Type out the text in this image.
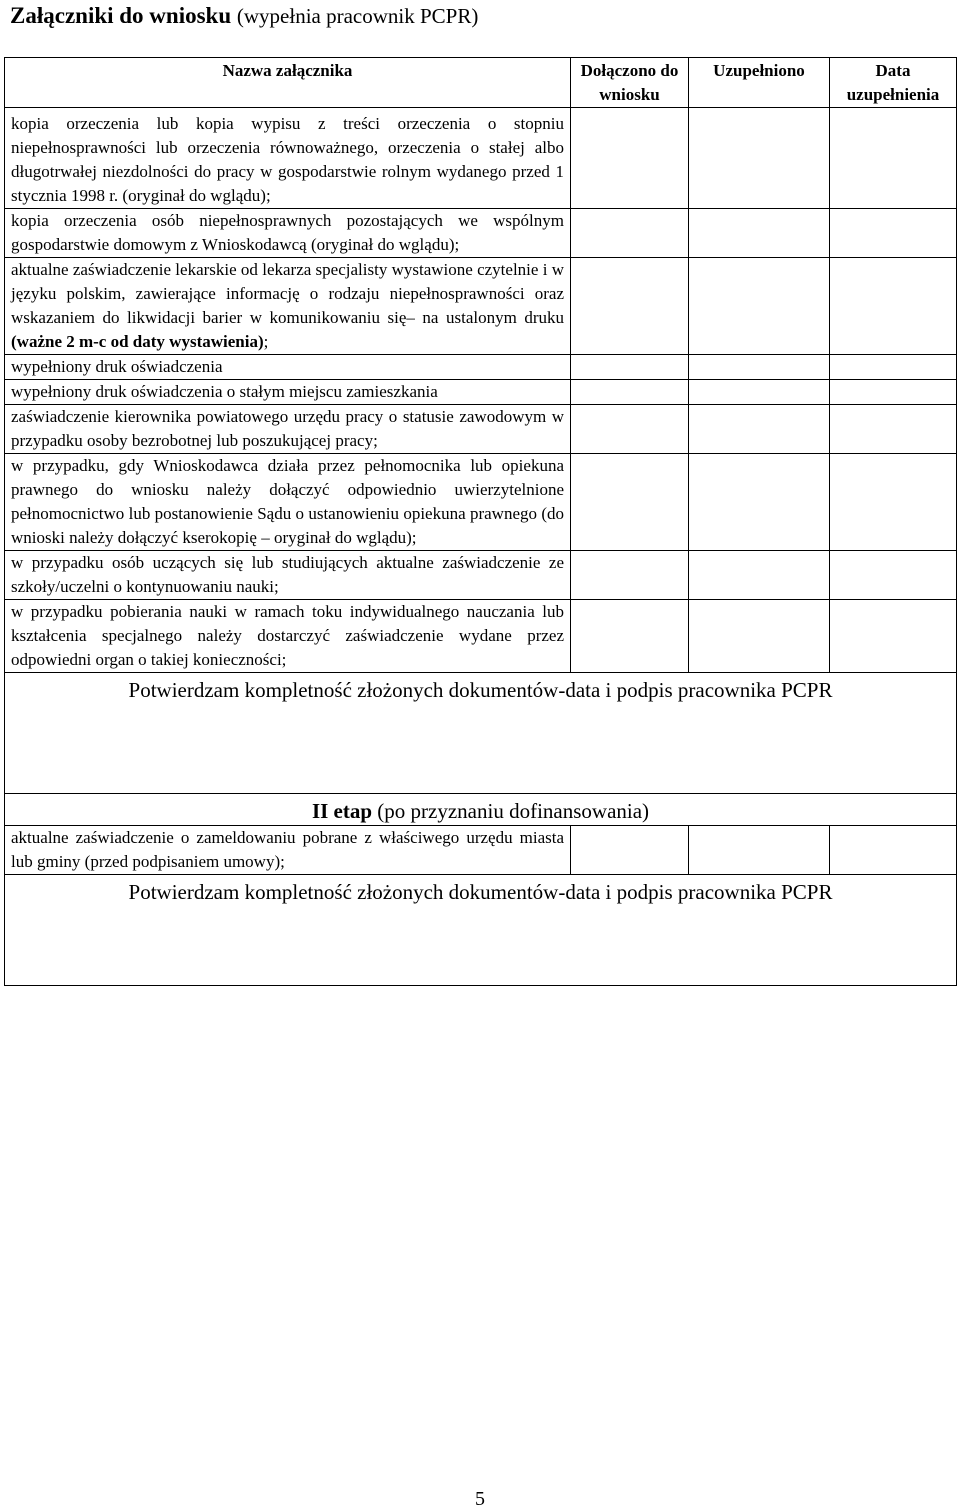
Załączniki do wniosku (wypełnia pracownik PCPR)
Nazwa załącznika	Dołączono do wniosku	Uzupełniono	Data uzupełnienia
kopia orzeczenia lub kopia wypisu z treści orzeczenia o stopniu niepełnosprawności lub orzeczenia równoważnego, orzeczenia o stałej albo długotrwałej niezdolności do pracy w gospodarstwie rolnym wydanego przed 1 stycznia 1998 r. (oryginał do wglądu);			
kopia orzeczenia osób niepełnosprawnych pozostających we wspólnym gospodarstwie domowym z Wnioskodawcą (oryginał do wglądu);			
aktualne zaświadczenie lekarskie od lekarza specjalisty wystawione czytelnie i w języku polskim, zawierające informację o rodzaju niepełnosprawności oraz wskazaniem do likwidacji barier w komunikowaniu się– na ustalonym druku (ważne 2 m-c od daty wystawienia);			
wypełniony druk oświadczenia			
wypełniony druk oświadczenia o stałym miejscu zamieszkania			
zaświadczenie kierownika powiatowego urzędu pracy o statusie zawodowym w przypadku osoby bezrobotnej lub poszukującej pracy;			
w przypadku, gdy Wnioskodawca działa przez pełnomocnika lub opiekuna prawnego do wniosku należy dołączyć odpowiednio uwierzytelnione pełnomocnictwo lub postanowienie Sądu o ustanowieniu opiekuna prawnego (do wnioski należy dołączyć kserokopię – oryginał do wglądu);			
w przypadku osób uczących się lub studiujących aktualne zaświadczenie ze szkoły/uczelni o kontynuowaniu nauki;			
w przypadku pobierania nauki w ramach toku indywidualnego nauczania lub kształcenia specjalnego należy dostarczyć zaświadczenie wydane przez odpowiedni organ o takiej konieczności;			
Potwierdzam kompletność złożonych dokumentów-data i podpis pracownika PCPR			
II etap (po przyznaniu dofinansowania)			
aktualne zaświadczenie o zameldowaniu pobrane z właściwego urzędu miasta lub gminy (przed podpisaniem umowy);			
Potwierdzam kompletność złożonych dokumentów-data i podpis pracownika PCPR			
5
